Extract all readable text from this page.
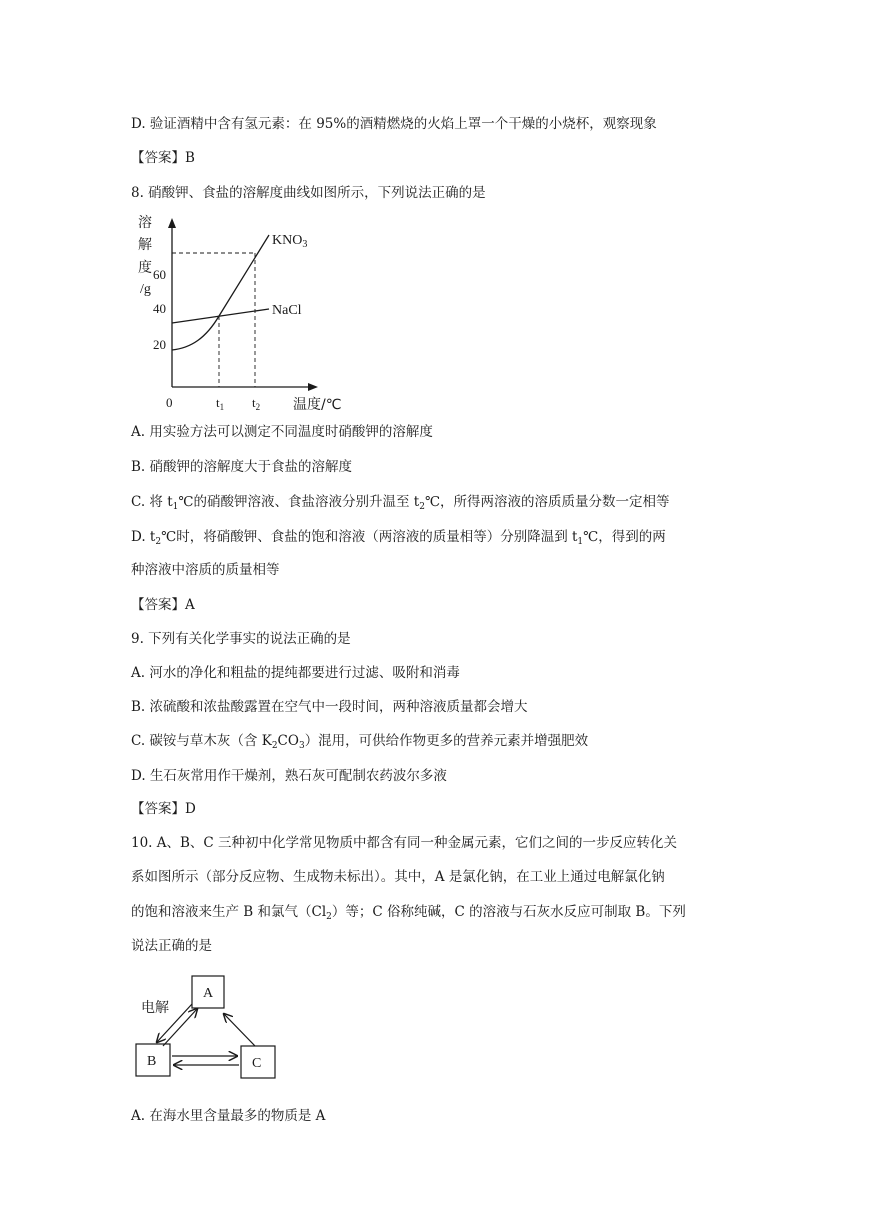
D. 验证酒精中含有氢元素：在 95%的酒精燃烧的火焰上罩一个干燥的小烧杯，观察现象
【答案】B
8. 硝酸钾、食盐的溶解度曲线如图所示，下列说法正确的是
溶
解
度
/g
60
40
20
0	$t_1$ $t_2$ 温度/℃
$KNO_3$
NaCl
A. 用实验方法可以测定不同温度时硝酸钾的溶解度
B. 硝酸钾的溶解度大于食盐的溶解度
C. 将 $t_1℃$的硝酸钾溶液、食盐溶液分别升温至 $t_2℃$，所得两溶液的溶质质量分数一定相等
D. $t_2℃$时，将硝酸钾、食盐的饱和溶液（两溶液的质量相等）分别降温到 $t_1℃$，得到的两
种溶液中溶质的质量相等
【答案】A
9. 下列有关化学事实的说法正确的是
A. 河水的净化和粗盐的提纯都要进行过滤、吸附和消毒
B. 浓硫酸和浓盐酸露置在空气中一段时间，两种溶液质量都会增大
C. 碳铵与草木灰（含 $K_2CO_3$）混用，可供给作物更多的营养元素并增强肥效
D. 生石灰常用作干燥剂，熟石灰可配制农药波尔多液
【答案】D
10. A、B、C 三种初中化学常见物质中都含有同一种金属元素，它们之间的一步反应转化关
系如图所示（部分反应物、生成物未标出）。其中，A 是氯化钠，在工业上通过电解氯化钠
的饱和溶液来生产 B 和氯气$(Cl_2)$等；C 俗称纯碱，C 的溶液与石灰水反应可制取 B。下列
说法正确的是
A
B	C
电解
A. 在海水里含量最多的物质是 A
